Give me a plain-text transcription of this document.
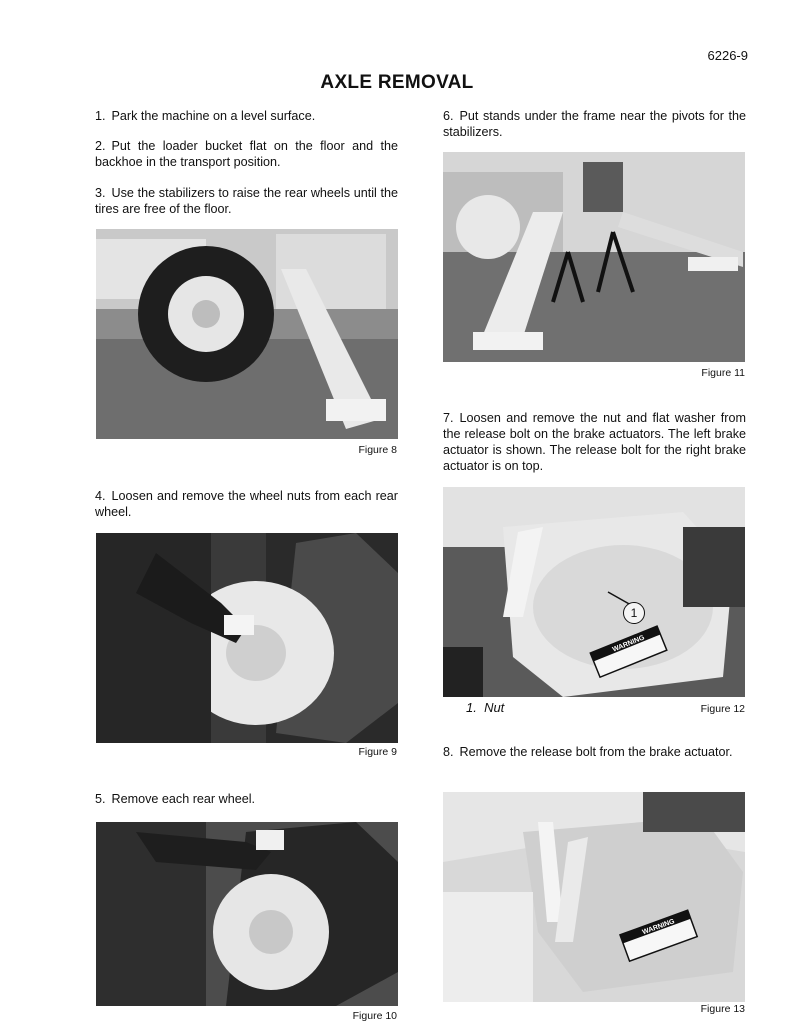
6226-9
AXLE REMOVAL
1. Park the machine on a level surface.
2. Put the loader bucket flat on the floor and the backhoe in the transport position.
3. Use the stabilizers to raise the rear wheels until the tires are free of the floor.
Figure 8
4. Loosen and remove the wheel nuts from each rear wheel.
Figure 9
5. Remove each rear wheel.
Figure 10
6. Put stands under the frame near the pivots for the stabilizers.
Figure 11
7. Loosen and remove the nut and flat washer from the release bolt on the brake actuators. The left brake actuator is shown. The release bolt for the right brake actuator is on top.
WARNING
1
1.  Nut	Figure 12
8. Remove the release bolt from the brake actuator.
WARNING
Figure 13
